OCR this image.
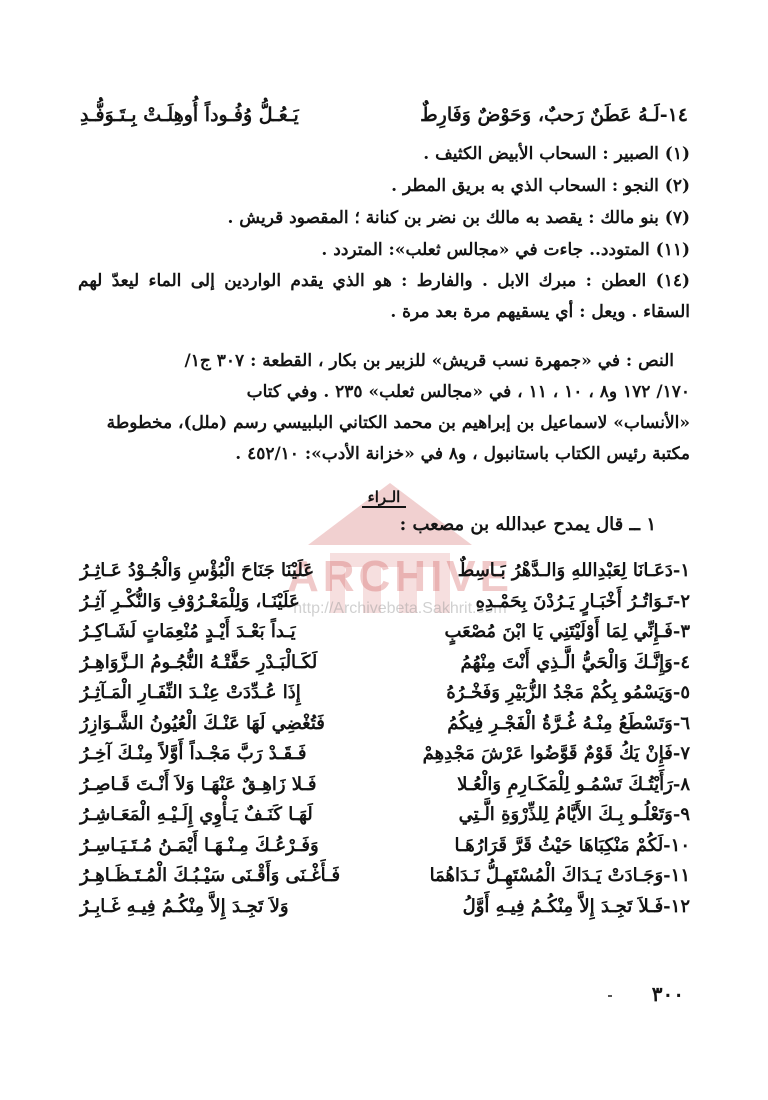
ARCHIVE
http://Archivebeta.Sakhrit.com
١٤-لَـهُ عَطَنٌ رَحبٌ، وَحَوْضٌ وَفَارِطٌ
يَـعُـلُّ وُفُـوداً أُوهِلَـتْ بِـتَـوَفُّـدِ
(١) الصبير : السحاب الأبيض الكثيف .
(٢) النجو : السحاب الذي به بريق المطر .
(٧) بنو مالك : يقصد به مالك بن نضر بن كنانة ؛ المقصود قريش .
(١١) المتودد.. جاءت في «مجالس ثعلب»: المتردد .
(١٤) العطن : مبرك الابل . والفارط : هو الذي يقدم الواردين إلى الماء ليعدّ لهم السقاء . ويعل : أي يسقيهم مرة بعد مرة .
النص : في «جمهرة نسب قريش» للزبير بن بكار ، القطعة : ٣٠٧ ج١/
١٧٠/ ١٧٢ و٨ ، ١٠ ، ١١ ، في «مجالس ثعلب» ٢٣٥ . وفي كتاب
«الأنساب» لاسماعيل بن إبراهيم بن محمد الكتاني البلبيسي رسم (ملل)، مخطوطة
مكتبة رئيس الكتاب باستانبول ، و٨ في «خزانة الأدب»: ٤٥٢/١٠ .
الـراء
١ ــ قال يمدح عبدالله بن مصعب :
١-دَعَـانَا لِعَبْدِاللهِ وَالـدَّهْرُ بَـاسِطٌ
عَلَيْنَا جَنَاحَ الْبُؤْسِ وَالْجُـوْدُ عَـاثِـرُ
٢-تَـوَاتُـرُ أَخْبَـارٍ يَـرُدْنَ بِحَمْـدِهِ
عَلَيْنَـا، وَلِلْمَعْـرُوْفِ وَالنُّكْـرِ آثِـرُ
٣-فَـإِنِّي لِمَا أَوْلَيْتَنِي يَا ابْنَ مُصْعَبٍ
يَـداً بَعْـدَ أَيْـدٍ مُنْعِمَاتٍ لَشَـاكِـرُ
٤-وَإِنَّـكَ وَالْحَيُّ الَّـذِي أَنْتَ مِنْهُمُ
لَكَـالْبَـدْرِ حَفَّتْـهُ النُّجُـومُ الـزَّوَاهِـرُ
٥-وَيَسْمُو بِكُمْ مَجْدُ الزُّبَيْرِ وَفَخْـرُهُ
إِذَا عُـدِّدَتْ عِنْـدَ النِّفَـارِ الْمَـآثِـرُ
٦-وَتَسْطَعُ مِنْـهُ غُـرَّةُ الْفَجْـرِ فِيكُمُ
فَتُغْضِي لَهَا عَنْـكَ الْعُيُونُ الشَّـوَازِرُ
٧-فَإِنْ يَكُ قَوْمٌ قَوَّضُوا عَرْشَ مَجْدِهِمْ
فَـقَـدْ رَبَّ مَجْـداً أَوَّلاً مِنْـكَ آخِـرُ
٨-رَأَيْتُـكَ تَسْمُـو لِلْمَكَـارِمِ وَالْعُـلا
فَـلا زَاهِـقٌ عَنْهَـا وَلاَ أَنْـتَ قَـاصِـرُ
٩-وَتَعْلُـو بِـكَ الأَيَّامُ لِلذِّرْوَةِ الَّـتِي
لَهَـا كَنَـفٌ يَـأْوِي إِلَـيْـهِ الْمَعَـاشِـرُ
١٠-لَكُمْ مَنْكِبَاهَا حَيْثُ قَرَّ قَرَارُهَـا
وَفَـرْعُـكَ مِـنْـهَـا أَيْمَـنُ مُـتَـيَـاسِـرُ
١١-وَجَـادَتْ يَـدَاكَ الْمُسْتَهِـلُّ نَـدَاهُمَا
فَـأَغْـنَى وَأَقْـنَى سَيْـبُـكَ الْمُـتَـظَـاهِـرُ
١٢-فَـلاَ تَجِـدَ إِلاَّ مِنْكُـمُ فِيـهِ أَوَّلُ
وَلاَ تَجِـدَ إِلاَّ مِنْكُـمُ فِيـهِ غَـابِـرُ
٣٠٠
